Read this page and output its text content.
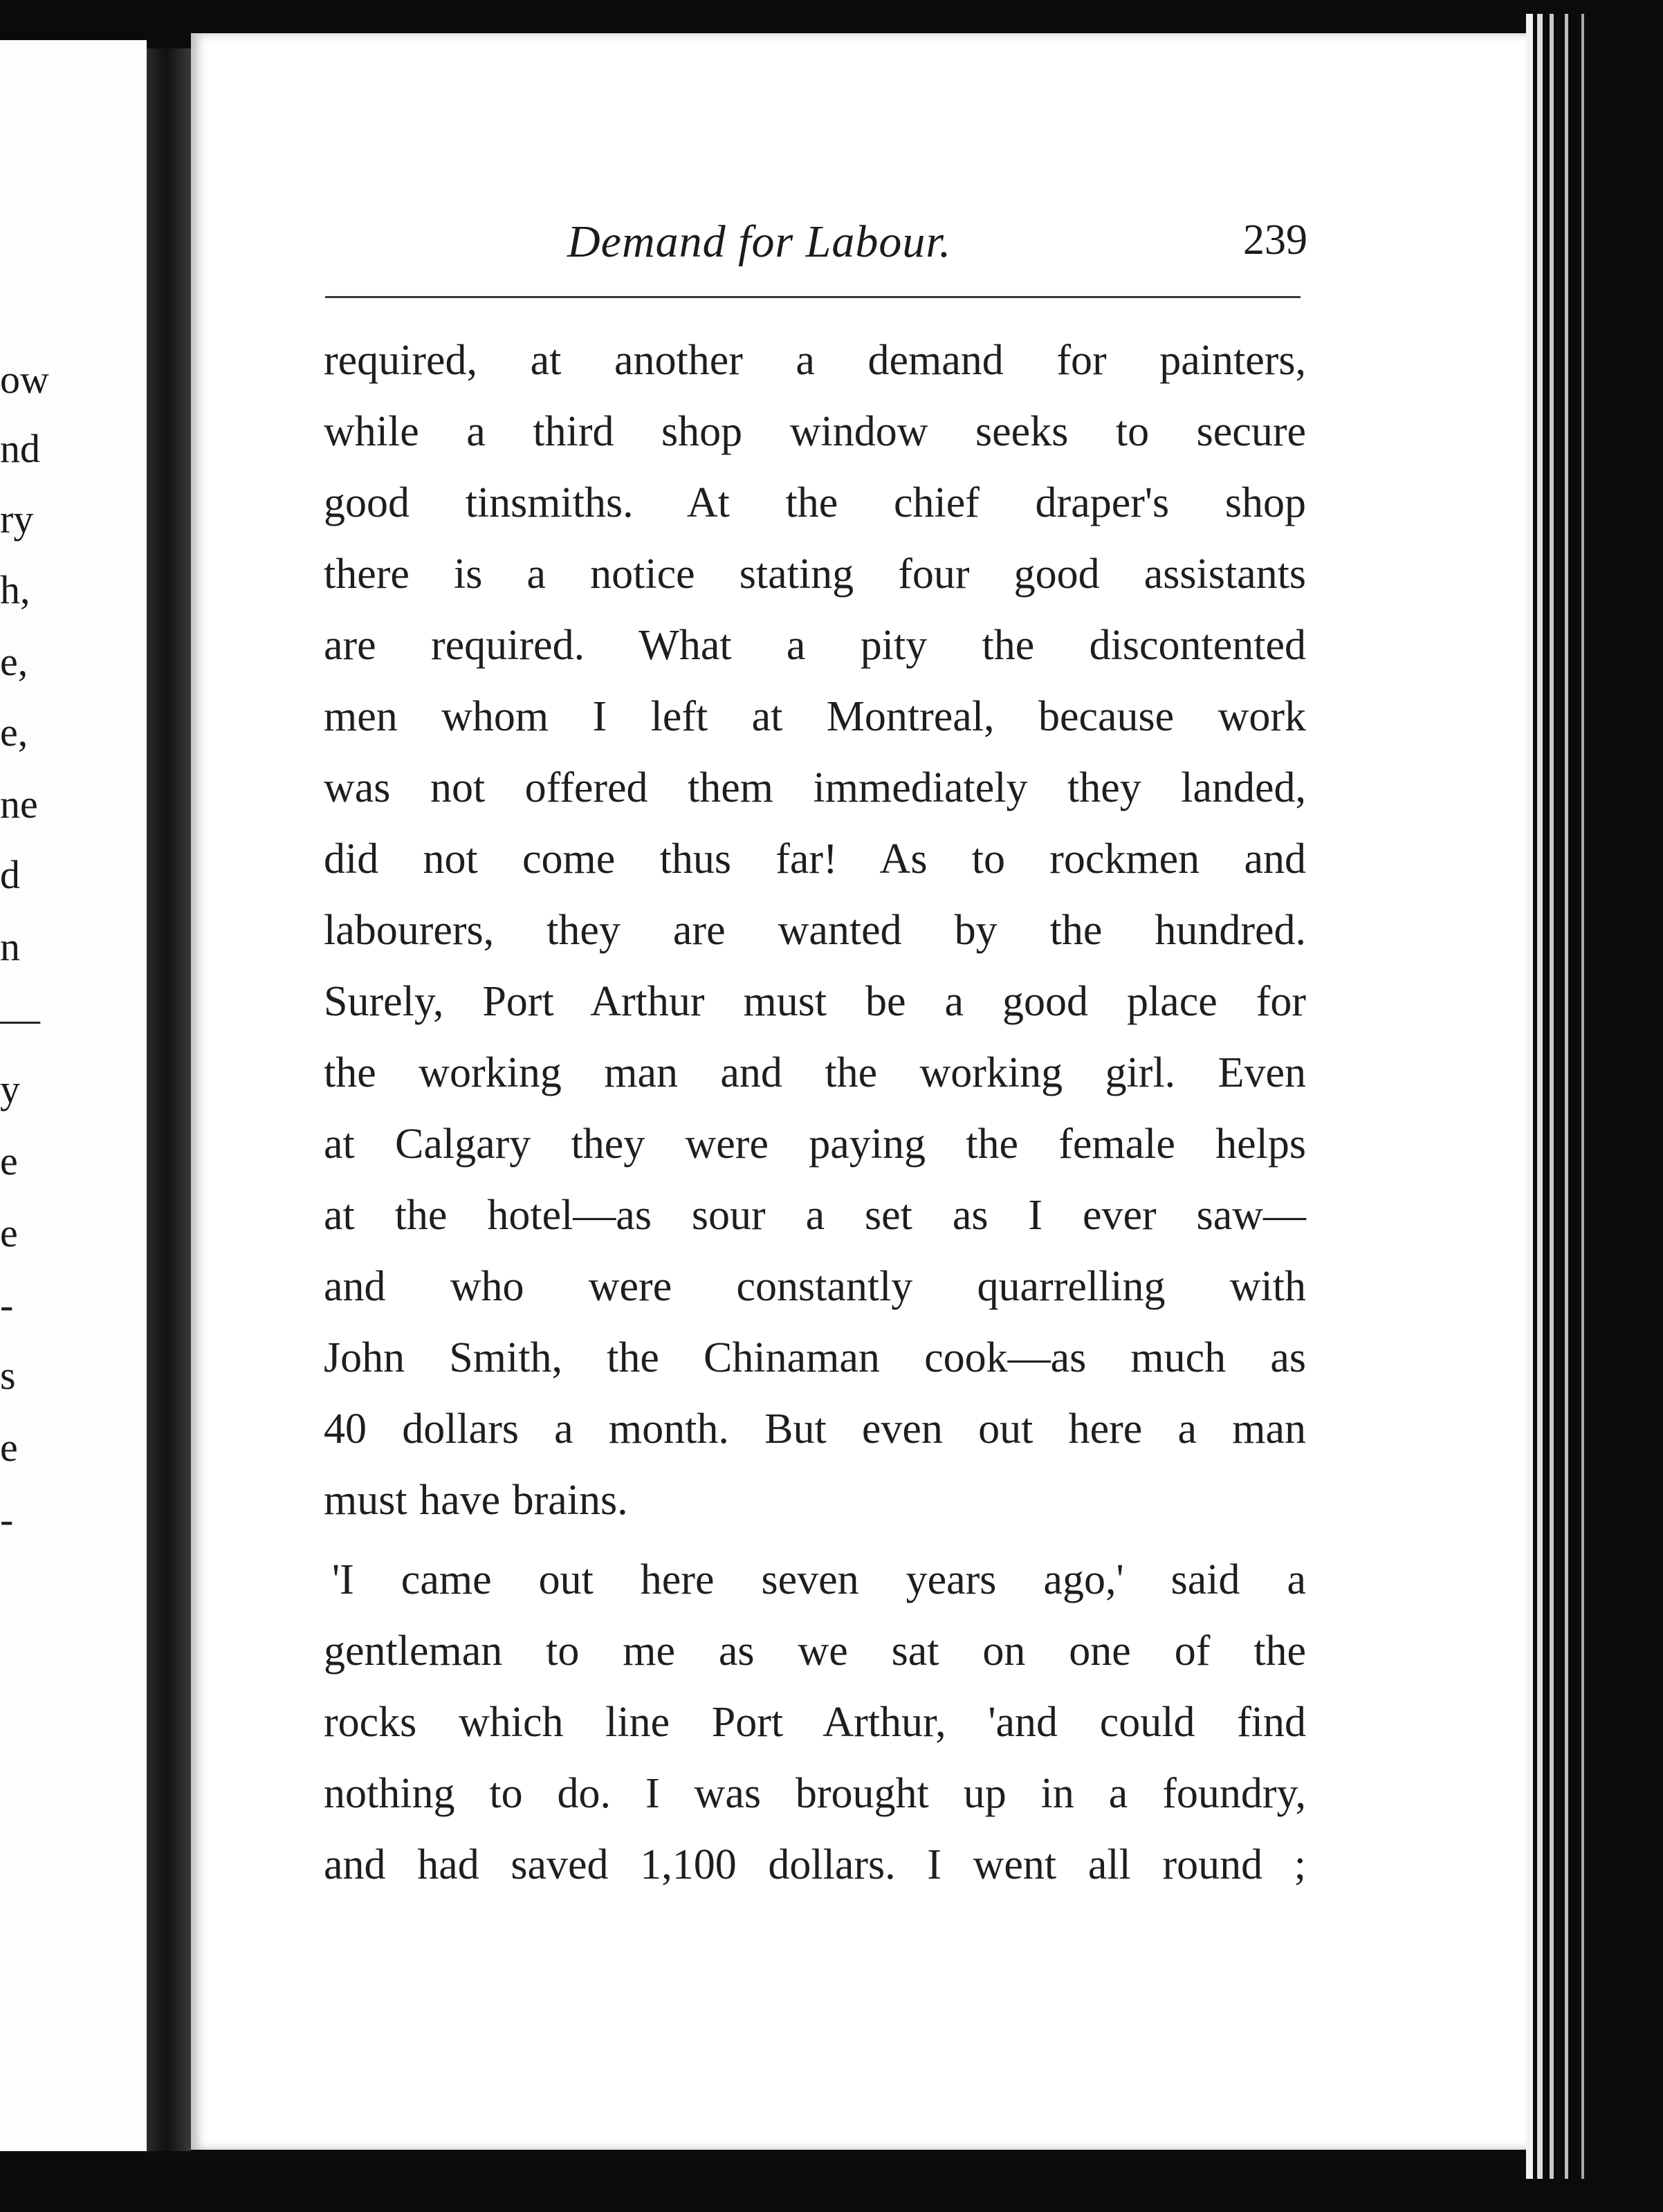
ow
nd
ry
h,
e,
e,
ne
d
n
—
y
e
e
-
s
e
-
Demand for Labour.	239
required, at another a demand for painters,
while a third shop window seeks to secure
good tinsmiths. At the chief draper's shop
there is a notice stating four good assistants
are required. What a pity the discontented
men whom I left at Montreal, because work
was not offered them immediately they landed,
did not come thus far! As to rockmen and
labourers, they are wanted by the hundred.
Surely, Port Arthur must be a good place for
the working man and the working girl. Even
at Calgary they were paying the female helps
at the hotel—as sour a set as I ever saw—
and who were constantly quarrelling with
John Smith, the Chinaman cook—as much as
40 dollars a month. But even out here a man
must have brains.
'I came out here seven years ago,' said a
gentleman to me as we sat on one of the
rocks which line Port Arthur, 'and could find
nothing to do. I was brought up in a foundry,
and had saved 1,100 dollars. I went all round ;
